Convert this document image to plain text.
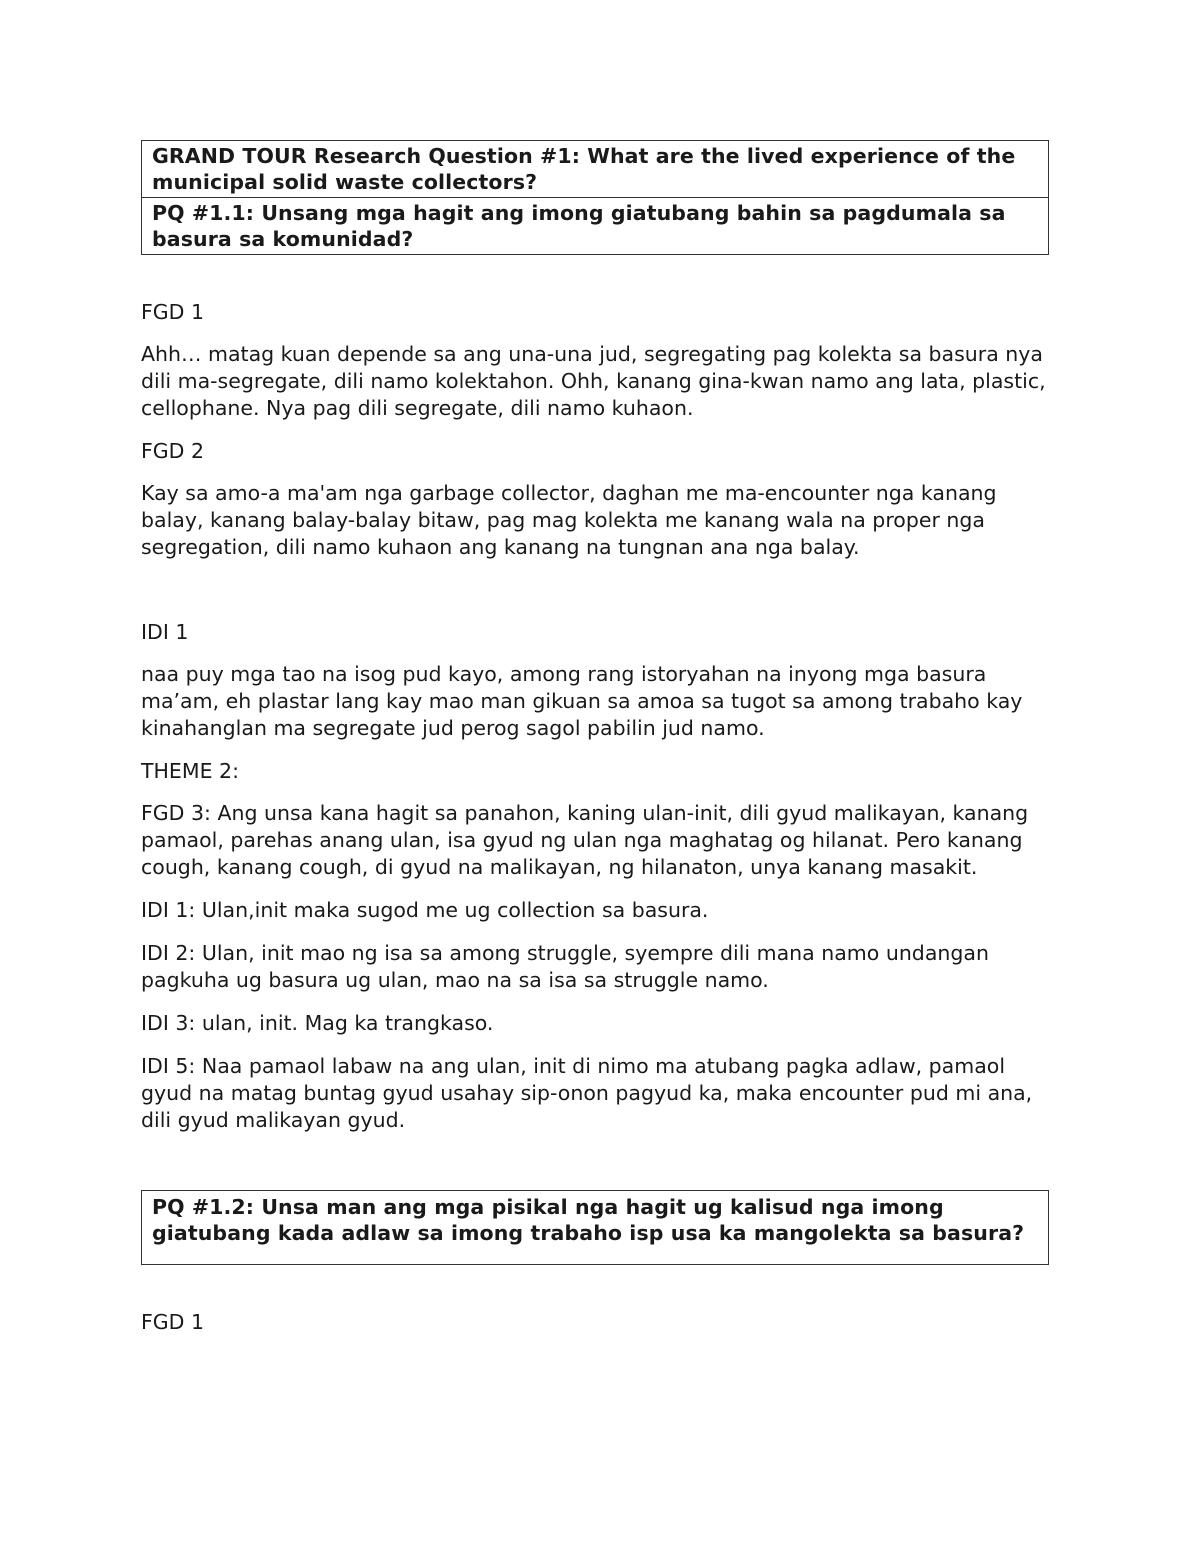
GRAND TOUR Research Question #1: What are the lived experience of the municipal solid waste collectors?
PQ #1.1: Unsang mga hagit ang imong giatubang bahin sa pagdumala sa basura sa komunidad?

FGD 1

Ahh… matag kuan depende sa ang una-una jud, segregating pag kolekta sa basura nya dili ma-segregate, dili namo kolektahon. Ohh, kanang gina-kwan namo ang lata, plastic, cellophane. Nya pag dili segregate, dili namo kuhaon.

FGD 2

Kay sa amo-a ma'am nga garbage collector, daghan me ma-encounter nga kanang balay, kanang balay-balay bitaw, pag mag kolekta me kanang wala na proper nga segregation, dili namo kuhaon ang kanang na tungnan ana nga balay.

IDI 1

naa puy mga tao na isog pud kayo, among rang istoryahan na inyong mga basura ma’am, eh plastar lang kay mao man gikuan sa amoa sa tugot sa among trabaho kay kinahanglan ma segregate jud perog sagol pabilin jud namo.

THEME 2:

FGD 3: Ang unsa kana hagit sa panahon, kaning ulan-init, dili gyud malikayan, kanang pamaol, parehas anang ulan, isa gyud ng ulan nga maghatag og hilanat. Pero kanang cough, kanang cough, di gyud na malikayan, ng hilanaton, unya kanang masakit.

IDI 1: Ulan,init maka sugod me ug collection sa basura.

IDI 2: Ulan, init mao ng isa sa among struggle, syempre dili mana namo undangan pagkuha ug basura ug ulan, mao na sa isa sa struggle namo.

IDI 3: ulan, init. Mag ka trangkaso.

IDI 5: Naa pamaol labaw na ang ulan, init di nimo ma atubang pagka adlaw, pamaol gyud na matag buntag gyud usahay sip-onon pagyud ka, maka encounter pud mi ana, dili gyud malikayan gyud.

PQ #1.2: Unsa man ang mga pisikal nga hagit ug kalisud nga imong giatubang kada adlaw sa imong trabaho isp usa ka mangolekta sa basura?

FGD 1
